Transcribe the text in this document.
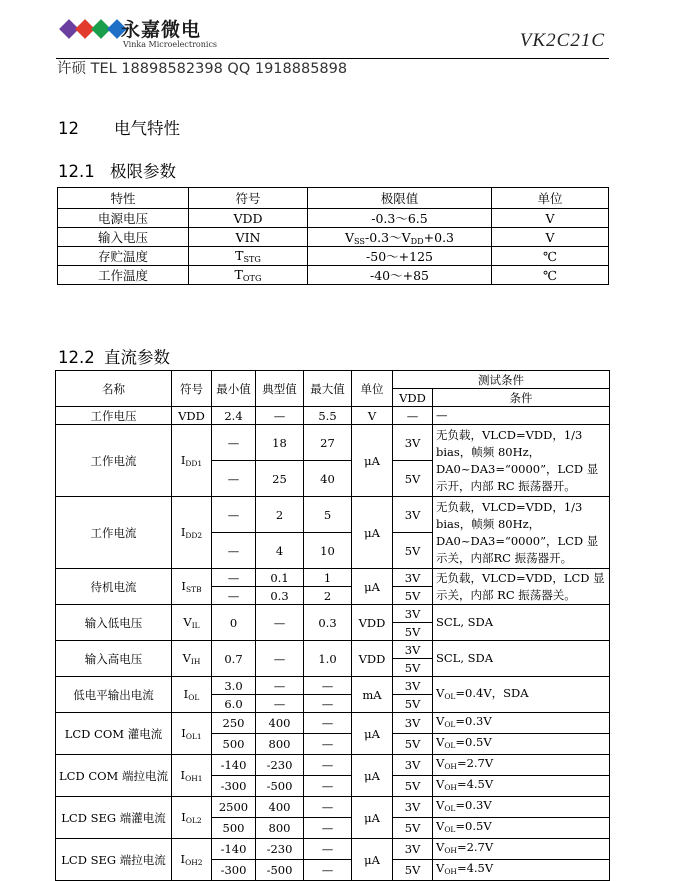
永嘉微电
Vinka Microelectronics	VK2C21C
许硕 TEL 18898582398 QQ 1918885898
12 电气特性
12.1 极限参数
特性	符号	极限值	单位
电源电压	VDD	-0.3～6.5	V
输入电压	VIN	$V_{SS}-0.3\sim V_{DD}+0.3$	V
存贮温度	$T_{STG}$	-50～+125	℃
工作温度	$T_{OTG}$	-40～+85	℃
12.2 直流参数
名称	符号	最小值	典型值	最大值	单位	测试条件	
						VDD	条件
工作电压	VDD	2.4	—	5.5	V	—	—
工作电流	$I_{DD1}$	—	18	27	μA	3V	无负载，VLCD=VDD，1/3 bias，帧频 80Hz，DA0~DA3=“0000”，LCD 显示开，内部 RC 振荡器开。
		—	25	40		5V	
工作电流	$I_{DD2}$	—	2	5	μA	3V	无负载，VLCD=VDD，1/3 bias，帧频 80Hz，DA0~DA3=“0000”，LCD 显示关，内部RC 振荡器开。
		—	4	10		5V	
待机电流	$I_{STB}$	—	0.1	1	μA	3V	无负载，VLCD=VDD，LCD 显示关，内部 RC 振荡器关。
		—	0.3	2		5V	
输入低电压	$V_{IL}$	0	—	0.3	VDD	3V	SCL, SDA
						5V	
输入高电压	$V_{IH}$	0.7	—	1.0	VDD	3V	SCL, SDA
						5V	
低电平输出电流	$I_{OL}$	3.0	—	—	mA	3V	$V_{OL}=0.4V$，SDA
		6.0	—	—		5V	
LCD COM 灌电流	$I_{OL1}$	250	400	—	μA	3V	$V_{OL}=0.3V$
		500	800	—		5V	$V_{OL}=0.5V$
LCD COM 端拉电流	$I_{OH1}$	-140	-230	—	μA	3V	$V_{OH}=2.7V$
		-300	-500	—		5V	$V_{OH}=4.5V$
LCD SEG 端灌电流	$I_{OL2}$	2500	400	—	μA	3V	$V_{OL}=0.3V$
		500	800	—		5V	$V_{OL}=0.5V$
LCD SEG 端拉电流	$I_{OH2}$	-140	-230	—	μA	3V	$V_{OH}=2.7V$
		-300	-500	—		5V	$V_{OH}=4.5V$
